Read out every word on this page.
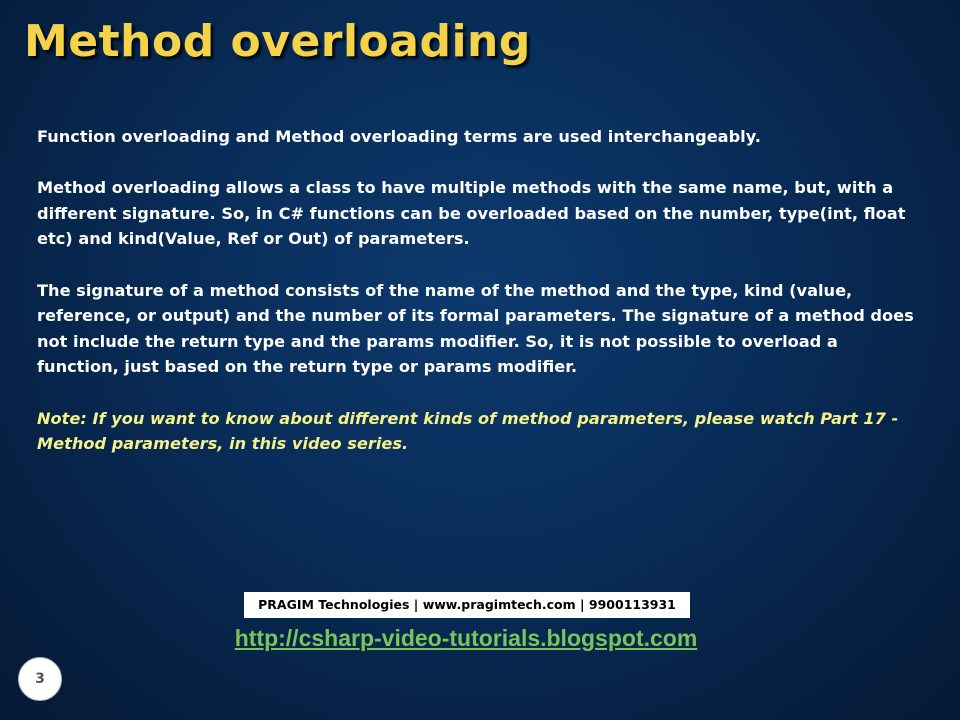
Method overloading

Function overloading and Method overloading terms are used interchangeably.

Method overloading allows a class to have multiple methods with the same name, but, with a different signature. So, in C# functions can be overloaded based on the number, type(int, float etc) and kind(Value, Ref or Out) of parameters.

The signature of a method consists of the name of the method and the type, kind (value, reference, or output) and the number of its formal parameters. The signature of a method does not include the return type and the params modifier. So, it is not possible to overload a function, just based on the return type or params modifier.

Note: If you want to know about different kinds of method parameters, please watch Part 17 - Method parameters, in this video series.

PRAGIM Technologies | www.pragimtech.com | 9900113931
http://csharp-video-tutorials.blogspot.com
3
